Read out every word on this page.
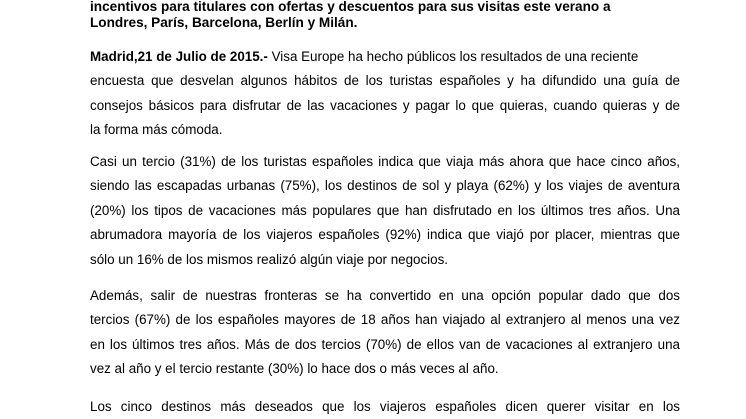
incentivos para titulares con ofertas y descuentos para sus visitas este verano a
Londres, París, Barcelona, Berlín y Milán.
Madrid,21 de Julio de 2015.- Visa Europe ha hecho públicos los resultados de una reciente
encuesta que desvelan algunos hábitos de los turistas españoles y ha difundido una guía de
consejos básicos para disfrutar de las vacaciones y pagar lo que quieras, cuando quieras y de
la forma más cómoda.
Casi un tercio (31%) de los turistas españoles indica que viaja más ahora que hace cinco años,
siendo las escapadas urbanas (75%), los destinos de sol y playa (62%) y los viajes de aventura
(20%) los tipos de vacaciones más populares que han disfrutado en los últimos tres años. Una
abrumadora mayoría de los viajeros españoles (92%) indica que viajó por placer, mientras que
sólo un 16% de los mismos realizó algún viaje por negocios.
Además, salir de nuestras fronteras se ha convertido en una opción popular dado que dos
tercios (67%) de los españoles mayores de 18 años han viajado al extranjero al menos una vez
en los últimos tres años. Más de dos tercios (70%) de ellos van de vacaciones al extranjero una
vez al año y el tercio restante (30%) lo hace dos o más veces al año.
Los cinco destinos más deseados que los viajeros españoles dicen querer visitar en los
